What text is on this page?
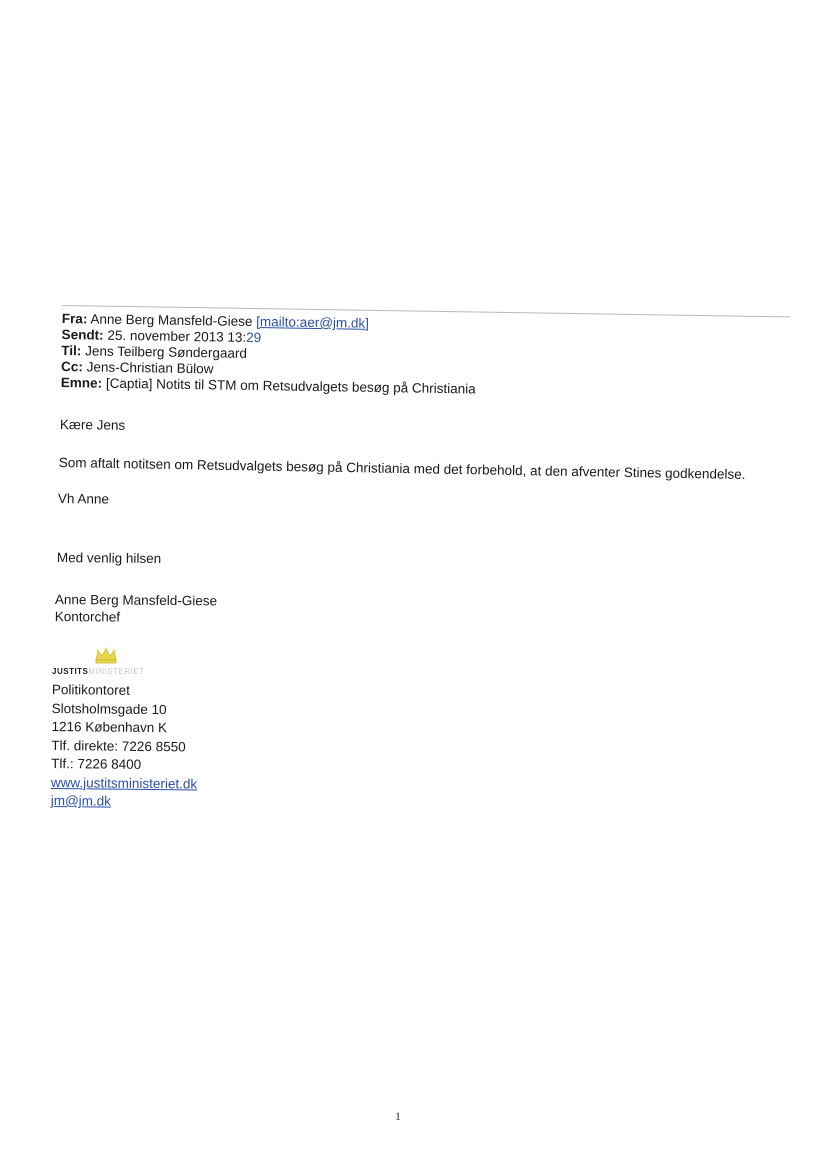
Fra: Anne Berg Mansfeld-Giese [mailto:aer@jm.dk]
Sendt: 25. november 2013 13:29
Til: Jens Teilberg Søndergaard
Cc: Jens-Christian Bülow
Emne: [Captia] Notits til STM om Retsudvalgets besøg på Christiania
Kære Jens
Som aftalt notitsen om Retsudvalgets besøg på Christiania med det forbehold, at den afventer Stines godkendelse.
Vh Anne
Med venlig hilsen
Anne Berg Mansfeld-Giese
Kontorchef
JUSTITSMINISTERIET
Politikontoret
Slotsholmsgade 10
1216 København K
Tlf. direkte: 7226 8550
Tlf.: 7226 8400
www.justitsministeriet.dk
jm@jm.dk
1
